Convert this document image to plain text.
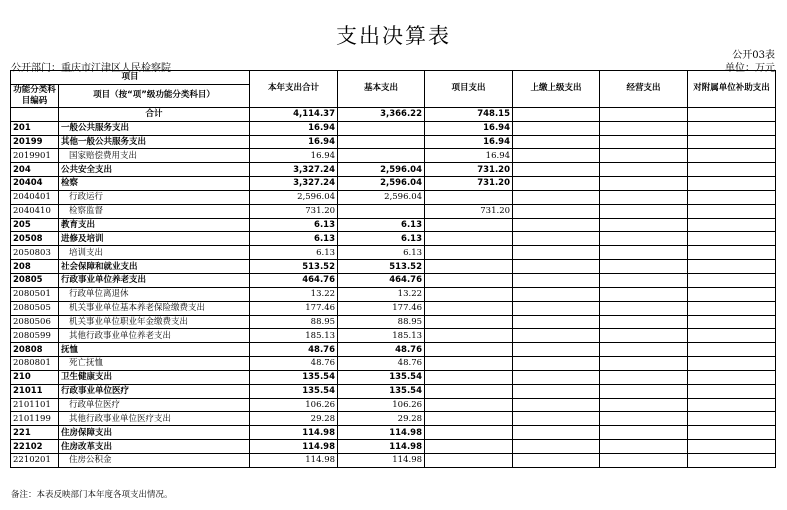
支出决算表
公开03表
公开部门：重庆市江津区人民检察院	单位：万元
项目		本年支出合计	基本支出	项目支出	上缴上级支出	经营支出	对附属单位补助支出
功能分类科目编码	项目（按“项”级功能分类科目）						
	合计	4,114.37	3,366.22	748.15			
201	一般公共服务支出	16.94		16.94			
20199	其他一般公共服务支出	16.94		16.94			
2019901	国家赔偿费用支出	16.94		16.94			
204	公共安全支出	3,327.24	2,596.04	731.20			
20404	检察	3,327.24	2,596.04	731.20			
2040401	行政运行	2,596.04	2,596.04				
2040410	检察监督	731.20		731.20			
205	教育支出	6.13	6.13				
20508	进修及培训	6.13	6.13				
2050803	培训支出	6.13	6.13				
208	社会保障和就业支出	513.52	513.52				
20805	行政事业单位养老支出	464.76	464.76				
2080501	行政单位离退休	13.22	13.22				
2080505	机关事业单位基本养老保险缴费支出	177.46	177.46				
2080506	机关事业单位职业年金缴费支出	88.95	88.95				
2080599	其他行政事业单位养老支出	185.13	185.13				
20808	抚恤	48.76	48.76				
2080801	死亡抚恤	48.76	48.76				
210	卫生健康支出	135.54	135.54				
21011	行政事业单位医疗	135.54	135.54				
2101101	行政单位医疗	106.26	106.26				
2101199	其他行政事业单位医疗支出	29.28	29.28				
221	住房保障支出	114.98	114.98				
22102	住房改革支出	114.98	114.98				
2210201	住房公积金	114.98	114.98				
备注：本表反映部门本年度各项支出情况。
